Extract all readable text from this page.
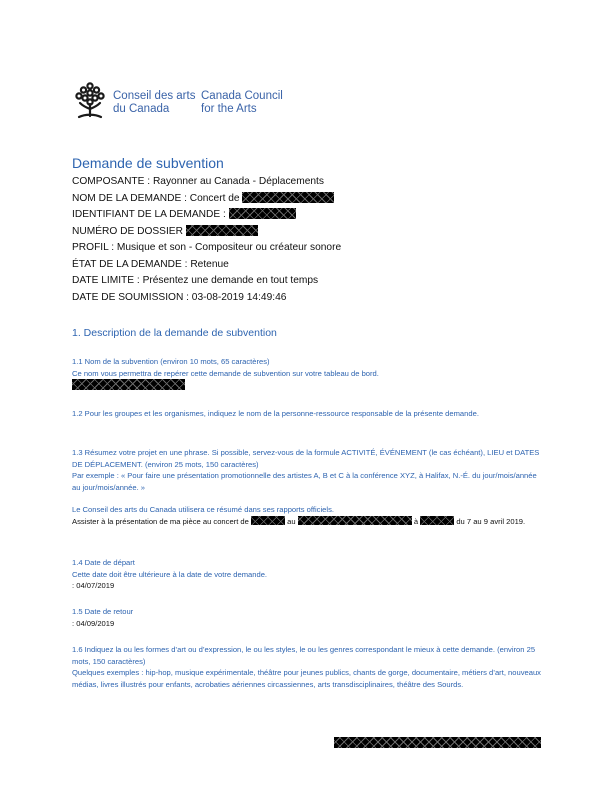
Conseil des arts
du Canada
Canada Council
for the Arts
Demande de subvention
COMPOSANTE : Rayonner au Canada - Déplacements
NOM DE LA DEMANDE : Concert de
IDENTIFIANT DE LA DEMANDE :
NUMÉRO DE DOSSIER
PROFIL : Musique et son - Compositeur ou créateur sonore
ÉTAT DE LA DEMANDE : Retenue
DATE LIMITE : Présentez une demande en tout temps
DATE DE SOUMISSION : 03-08-2019 14:49:46
1. Description de la demande de subvention
1.1 Nom de la subvention (environ 10 mots, 65 caractères)
Ce nom vous permettra de repérer cette demande de subvention sur votre tableau de bord.
1.2 Pour les groupes et les organismes, indiquez le nom de la personne-ressource responsable de la présente demande.
1.3 Résumez votre projet en une phrase. Si possible, servez-vous de la formule ACTIVITÉ, ÉVÉNEMENT (le cas échéant), LIEU et DATES DE DÉPLACEMENT. (environ 25 mots, 150 caractères)
Par exemple : « Pour faire une présentation promotionnelle des artistes A, B et C à la conférence XYZ, à Halifax, N.-É. du jour/mois/année au jour/mois/année. »
Le Conseil des arts du Canada utilisera ce résumé dans ses rapports officiels.
Assister à la présentation de ma pièce au concert de	au	à	du 7 au 9 avril 2019.
1.4 Date de départ
Cette date doit être ultérieure à la date de votre demande.
: 04/07/2019
1.5 Date de retour
: 04/09/2019
1.6 Indiquez la ou les formes d’art ou d’expression, le ou les styles, le ou les genres correspondant le mieux à cette demande. (environ 25 mots, 150 caractères)
Quelques exemples : hip-hop, musique expérimentale, théâtre pour jeunes publics, chants de gorge, documentaire, métiers d’art, nouveaux médias, livres illustrés pour enfants, acrobaties aériennes circassiennes, arts transdisciplinaires, théâtre des Sourds.
